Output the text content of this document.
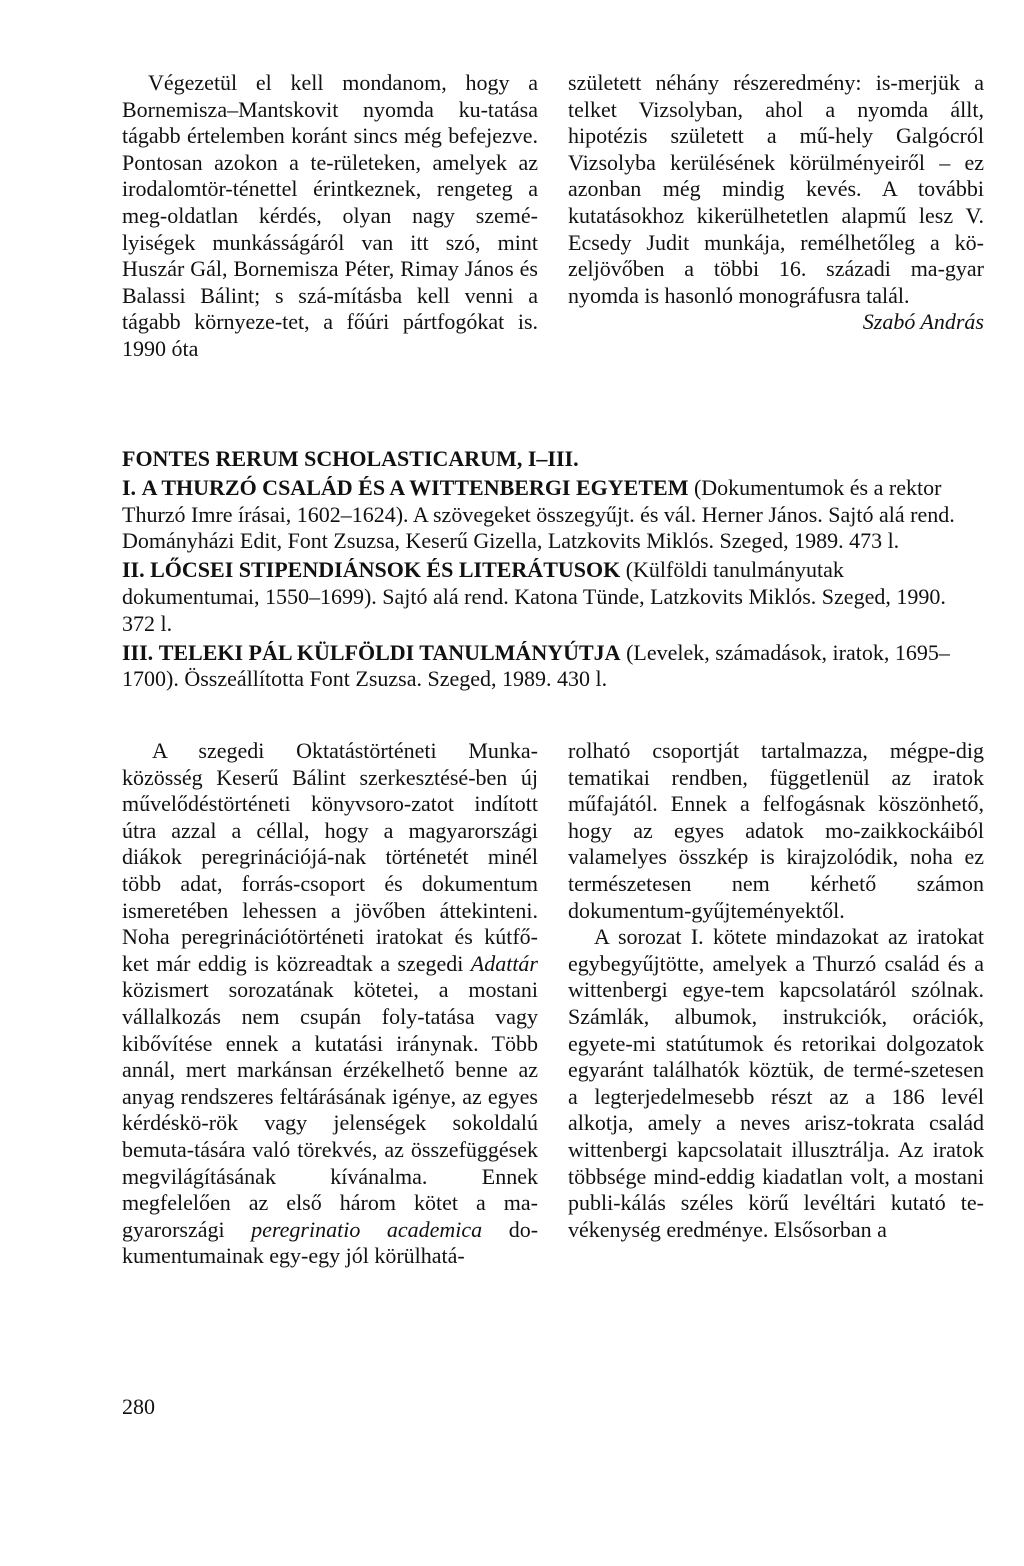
Végezetül el kell mondanom, hogy a Bornemisza–Mantskovit nyomda ku-tatása tágabb értelemben koránt sincs még befejezve. Pontosan azokon a te-rületeken, amelyek az irodalomtör-ténettel érintkeznek, rengeteg a meg-oldatlan kérdés, olyan nagy szemé-lyiségek munkásságáról van itt szó, mint Huszár Gál, Bornemisza Péter, Rimay János és Balassi Bálint; s szá-mításba kell venni a tágabb környeze-tet, a főúri pártfogókat is. 1990 óta

született néhány részeredmény: is-merjük a telket Vizsolyban, ahol a nyomda állt, hipotézis született a mű-hely Galgócról Vizsolyba kerülésének körülményeiről – ez azonban még mindig kevés. A további kutatásokhoz kikerülhetetlen alapmű lesz V. Ecsedy Judit munkája, remélhetőleg a kö-zeljövőben a többi 16. századi ma-gyar nyomda is hasonló monográfusra talál.

Szabó András

FONTES RERUM SCHOLASTICARUM, I–III.
I. A THURZÓ CSALÁD ÉS A WITTENBERGI EGYETEM (Dokumentumok és a rektor Thurzó Imre írásai, 1602–1624). A szövegeket összegyűjt. és vál. Herner János. Sajtó alá rend. Dományházi Edit, Font Zsuzsa, Keserű Gizella, Latzkovits Miklós. Szeged, 1989. 473 l.
II. LŐCSEI STIPENDIÁNSOK ÉS LITERÁTUSOK (Külföldi tanulmányutak dokumentumai, 1550–1699). Sajtó alá rend. Katona Tünde, Latzkovits Miklós. Szeged, 1990. 372 l.
III. TELEKI PÁL KÜLFÖLDI TANULMÁNYÚTJA (Levelek, számadások, iratok, 1695–1700). Összeállította Font Zsuzsa. Szeged, 1989. 430 l.

A szegedi Oktatástörténeti Munka-közösség Keserű Bálint szerkesztésé-ben új művelődéstörténeti könyvsoro-zatot indított útra azzal a céllal, hogy a magyarországi diákok peregrinációjá-nak történetét minél több adat, forrás-csoport és dokumentum ismeretében lehessen a jövőben áttekinteni. Noha peregrinációtörténeti iratokat és kútfő-ket már eddig is közreadtak a szegedi Adattár közismert sorozatának kötetei, a mostani vállalkozás nem csupán foly-tatása vagy kibővítése ennek a kutatási iránynak. Több annál, mert markánsan érzékelhető benne az anyag rendszeres feltárásának igénye, az egyes kérdéskö-rök vagy jelenségek sokoldalú bemuta-tására való törekvés, az összefüggések megvilágításának kívánalma. Ennek megfelelően az első három kötet a ma-gyarországi peregrinatio academica do-kumentumainak egy-egy jól körülhatá-

rolható csoportját tartalmazza, mégpe-dig tematikai rendben, függetlenül az iratok műfajától. Ennek a felfogásnak köszönhető, hogy az egyes adatok mo-zaikkockáiból valamelyes összkép is kirajzolódik, noha ez természetesen nem kérhető számon dokumentum-gyűjteményektől.

A sorozat I. kötete mindazokat az iratokat egybegyűjtötte, amelyek a Thurzó család és a wittenbergi egye-tem kapcsolatáról szólnak. Számlák, albumok, instrukciók, orációk, egyete-mi statútumok és retorikai dolgozatok egyaránt találhatók köztük, de termé-szetesen a legterjedelmesebb részt az a 186 levél alkotja, amely a neves arisz-tokrata család wittenbergi kapcsolatait illusztrálja. Az iratok többsége mind-eddig kiadatlan volt, a mostani publi-kálás széles körű levéltári kutató te-vékenység eredménye. Elsősorban a

280
